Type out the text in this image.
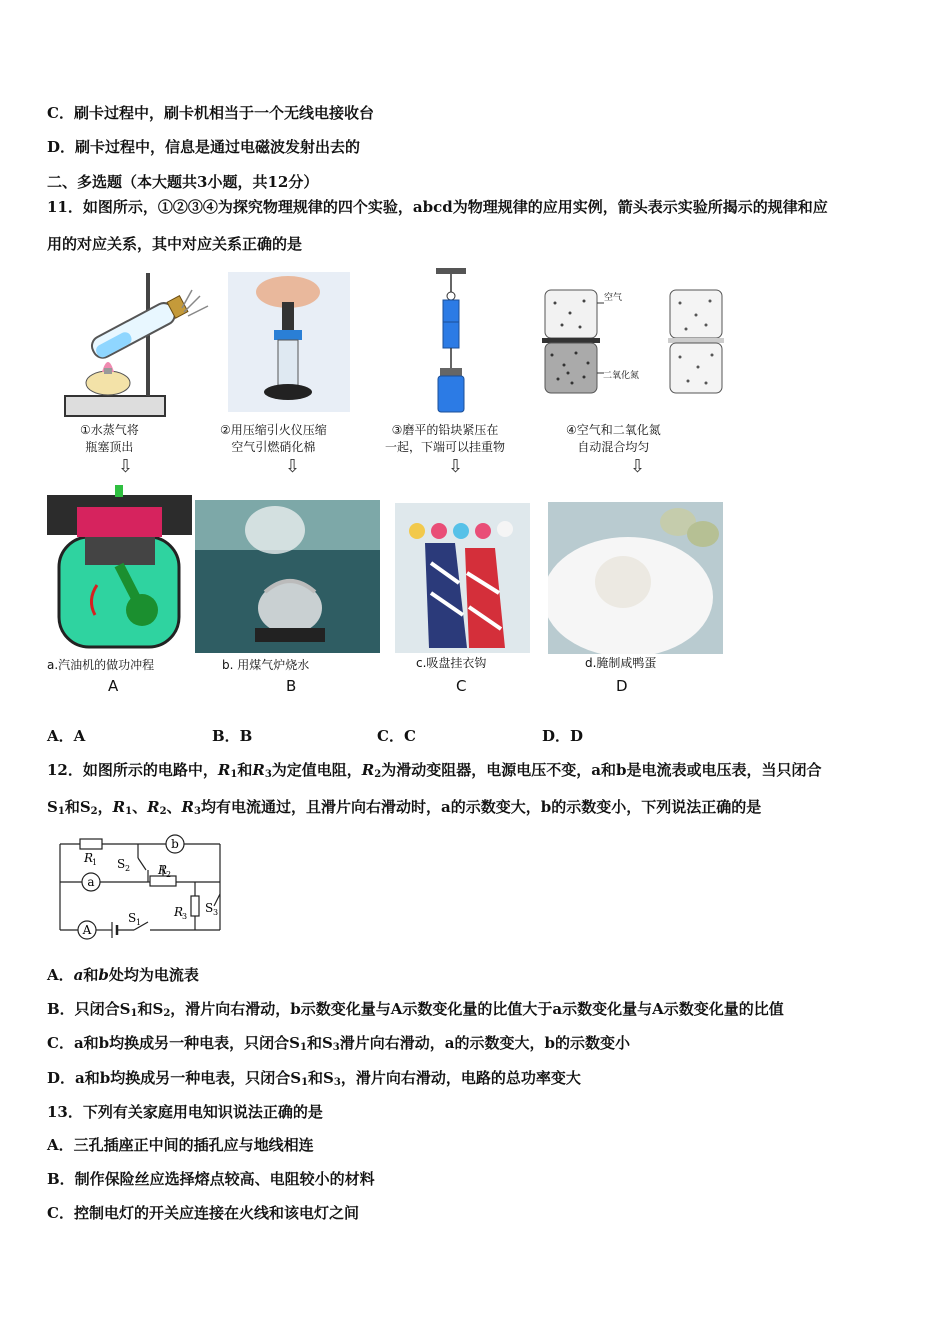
C．刷卡过程中，刷卡机相当于一个无线电接收台
D．刷卡过程中，信息是通过电磁波发射出去的
二、多选题（本大题共3小题，共12分）
11．如图所示，①②③④为探究物理规律的四个实验，abcd为物理规律的应用实例，箭头表示实验所揭示的规律和应
用的对应关系，其中对应关系正确的是
空气
二氧化氮
①水蒸气将
瓶塞顶出
②用压缩引火仪压缩
空气引燃硝化棉
③磨平的铅块紧压在
一起，下端可以挂重物
④空气和二氧化氮
自动混合均匀
⇩	⇩	⇩	⇩
a.汽油机的做功冲程	b. 用煤气炉烧水	c.吸盘挂衣钩	d.腌制咸鸭蛋
A	B	C	D
A．A	B．B	C．C	D．D
12．如图所示的电路中，$R_1$和$R_3$为定值电阻，$R_2$为滑动变阻器，电源电压不变，a和b是电流表或电压表，当只闭合
$S_1$和$S_2$，$R_1$、$R_2$、$R_3$均有电流通过，且滑片向右滑动时，a的示数变大，b的示数变小，下列说法正确的是
R
1
b
S 2 R
2
a
R
3
S 3
S 1
A
A．a和b处均为电流表
B．只闭合$S_1$和$S_2$，滑片向右滑动，b示数变化量与A示数变化量的比值大于a示数变化量与A示数变化量的比值
C．a和b均换成另一种电表，只闭合$S_1$和$S_3$滑片向右滑动，a的示数变大，b的示数变小
D．a和b均换成另一种电表，只闭合$S_1$和$S_3$，滑片向右滑动，电路的总功率变大
13．下列有关家庭用电知识说法正确的是
A．三孔插座正中间的插孔应与地线相连
B．制作保险丝应选择熔点较高、电阻较小的材料
C．控制电灯的开关应连接在火线和该电灯之间
